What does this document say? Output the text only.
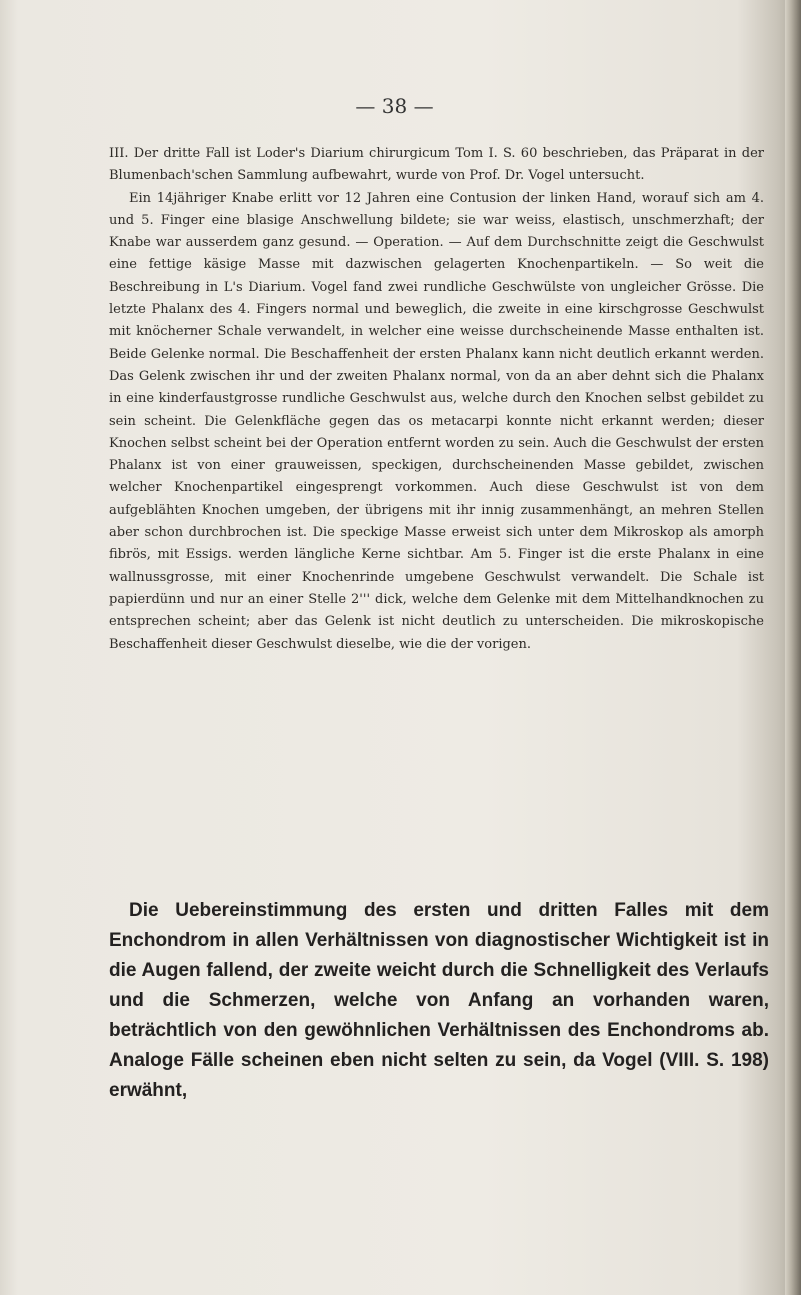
— 38 —

III. Der dritte Fall ist Loder's Diarium chirurgicum Tom I. S. 60 beschrieben, das Präparat in der Blumenbach'schen Sammlung aufbewahrt, wurde von Prof. Dr. Vogel untersucht.

Ein 14jähriger Knabe erlitt vor 12 Jahren eine Contusion der linken Hand, worauf sich am 4. und 5. Finger eine blasige Anschwellung bildete; sie war weiss, elastisch, unschmerzhaft; der Knabe war ausserdem ganz gesund. — Operation. — Auf dem Durchschnitte zeigt die Geschwulst eine fettige käsige Masse mit dazwischen gelagerten Knochenpartikeln. — So weit die Beschreibung in L's Diarium. Vogel fand zwei rundliche Geschwülste von ungleicher Grösse. Die letzte Phalanx des 4. Fingers normal und beweglich, die zweite in eine kirschgrosse Geschwulst mit knöcherner Schale verwandelt, in welcher eine weisse durchscheinende Masse enthalten ist. Beide Gelenke normal. Die Beschaffenheit der ersten Phalanx kann nicht deutlich erkannt werden. Das Gelenk zwischen ihr und der zweiten Phalanx normal, von da an aber dehnt sich die Phalanx in eine kinderfaustgrosse rundliche Geschwulst aus, welche durch den Knochen selbst gebildet zu sein scheint. Die Gelenkfläche gegen das os metacarpi konnte nicht erkannt werden; dieser Knochen selbst scheint bei der Operation entfernt worden zu sein. Auch die Geschwulst der ersten Phalanx ist von einer grauweissen, speckigen, durchscheinenden Masse gebildet, zwischen welcher Knochenpartikel eingesprengt vorkommen. Auch diese Geschwulst ist von dem aufgeblähten Knochen umgeben, der übrigens mit ihr innig zusammenhängt, an mehren Stellen aber schon durchbrochen ist. Die speckige Masse erweist sich unter dem Mikroskop als amorph fibrös, mit Essigs. werden längliche Kerne sichtbar. Am 5. Finger ist die erste Phalanx in eine wallnussgrosse, mit einer Knochenrinde umgebene Geschwulst verwandelt. Die Schale ist papierdünn und nur an einer Stelle 2''' dick, welche dem Gelenke mit dem Mittelhandknochen zu entsprechen scheint; aber das Gelenk ist nicht deutlich zu unterscheiden. Die mikroskopische Beschaffenheit dieser Geschwulst dieselbe, wie die der vorigen.

Die Uebereinstimmung des ersten und dritten Falles mit dem Enchondrom in allen Verhältnissen von diagnostischer Wichtigkeit ist in die Augen fallend, der zweite weicht durch die Schnelligkeit des Verlaufs und die Schmerzen, welche von Anfang an vorhanden waren, beträchtlich von den gewöhnlichen Verhältnissen des Enchondroms ab. Analoge Fälle scheinen eben nicht selten zu sein, da Vogel (VIII. S. 198) erwähnt,
